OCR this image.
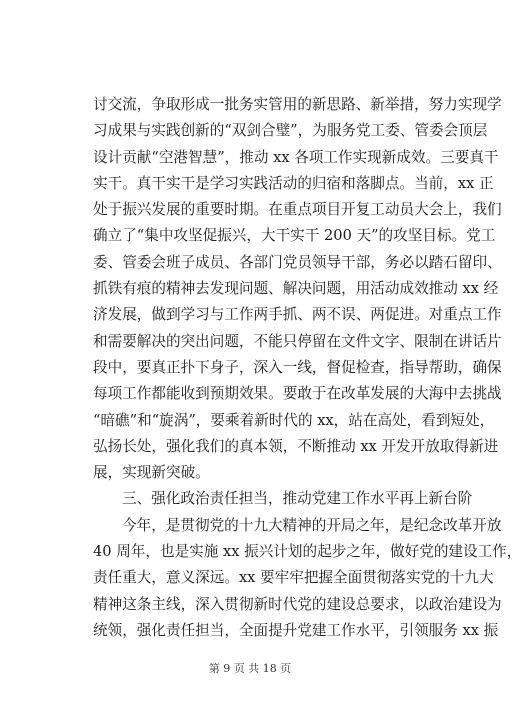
讨交流，争取形成一批务实管用的新思路、新举措，努力实现学
习成果与实践创新的“双剑合璧”，为服务党工委、管委会顶层
设计贡献“空港智慧”，推动 xx 各项工作实现新成效。三要真干
实干。真干实干是学习实践活动的归宿和落脚点。当前，xx 正
处于振兴发展的重要时期。在重点项目开复工动员大会上，我们
确立了“集中攻坚促振兴，大干实干 200 天”的攻坚目标。党工
委、管委会班子成员、各部门党员领导干部，务必以踏石留印、
抓铁有痕的精神去发现问题、解决问题，用活动成效推动 xx 经
济发展，做到学习与工作两手抓、两不误、两促进。对重点工作
和需要解决的突出问题，不能只停留在文件文字、限制在讲话片
段中，要真正扑下身子，深入一线，督促检查，指导帮助，确保
每项工作都能收到预期效果。要敢于在改革发展的大海中去挑战
“暗礁”和“旋涡”，要乘着新时代的 xx，站在高处，看到短处，
弘扬长处，强化我们的真本领，不断推动 xx 开发开放取得新进
展，实现新突破。
三、强化政治责任担当，推动党建工作水平再上新台阶
今年，是贯彻党的十九大精神的开局之年，是纪念改革开放
40 周年，也是实施 xx 振兴计划的起步之年，做好党的建设工作，
责任重大，意义深远。xx 要牢牢把握全面贯彻落实党的十九大
精神这条主线，深入贯彻新时代党的建设总要求，以政治建设为
统领，强化责任担当，全面提升党建工作水平，引领服务 xx 振
第 9 页 共 18 页
